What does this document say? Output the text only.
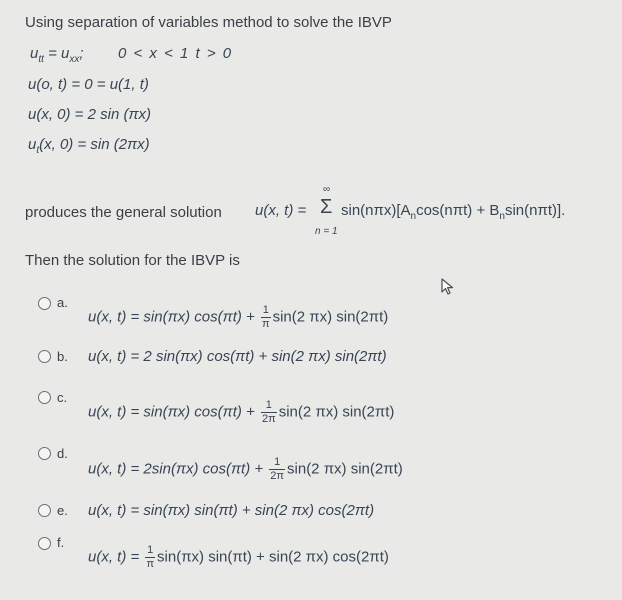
Using separation of variables method to solve the IBVP
$u_{tt} = u_{xx}$; 0 < x < 1 t > 0
u(o, t) = 0 = u(1, t)
u(x, 0) = 2 sin (πx)
$u_t(x$, 0) = sin (2πx)
produces the general solution u(x, t) =
∞
Σ
n = 1
$\sin(n\pi x)[A_n\cos(n\pi t) + B_n\sin(n\pi t)]$.
Then the solution for the IBVP is
a.
u(x, t) = sin(πx) $\cos(\pi t) + \frac{1}{\pi} \sin(2$ πx) sin(2πt)
b. u(x, t) = 2 sin(πx) cos(πt) + sin(2 πx) sin(2πt)
c.
u(x, t) = sin(πx) $\cos(\pi t) + \frac{1}{2\pi} \sin(2$ πx) sin(2πt)
d.
u(x, t) = 2sin(πx) $\cos(\pi t) + \frac{1}{2\pi} \sin(2$ πx) sin(2πt)
e. u(x, t) = sin(πx) sin(πt) + sin(2 πx) cos(2πt)
f.
u(x, $t) = \frac{1}{\pi} \sin(\pi x) \sin(\pi t) + \sin(2$ πx) cos(2πt)
